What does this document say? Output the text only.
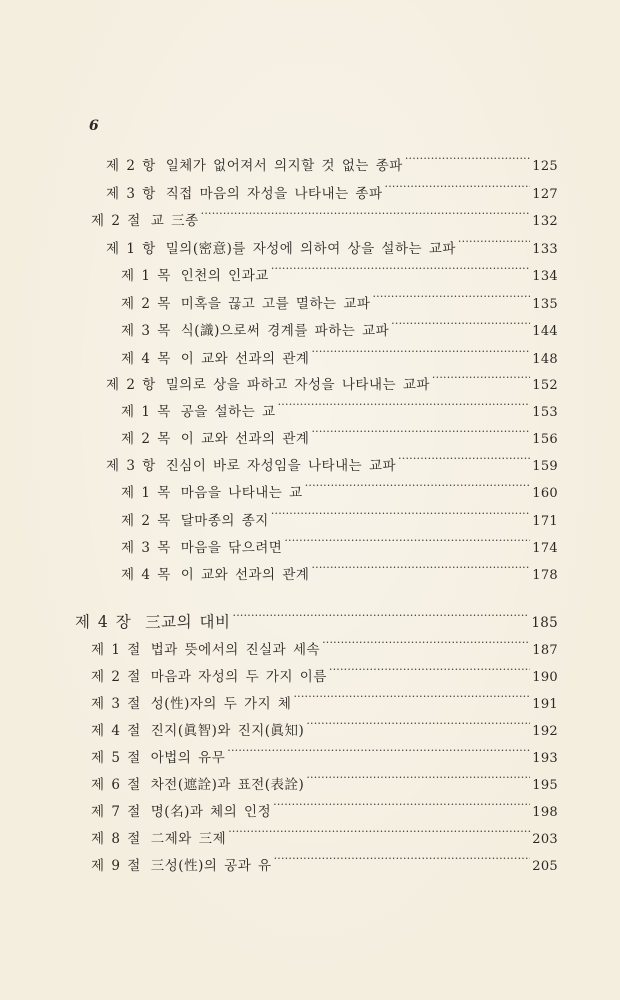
6
제 2 항 일체가 없어져서 의지할 것 없는 종파 ·····	125
제 3 항 직접 마음의 자성을 나타내는 종파 ·····	127
제 2 절 교 三종 ·····	132
제 1 항 밀의(密意)를 자성에 의하여 상을 설하는 교파 ·····	133
제 1 목 인천의 인과교 ·····	134
제 2 목 미혹을 끊고 고를 멸하는 교파 ·····	135
제 3 목 식(識)으로써 경계를 파하는 교파 ·····	144
제 4 목 이 교와 선과의 관계 ·····	148
제 2 항 밀의로 상을 파하고 자성을 나타내는 교파 ·····	152
제 1 목 공을 설하는 교 ·····	153
제 2 목 이 교와 선과의 관계 ·····	156
제 3 항 진심이 바로 자성임을 나타내는 교파 ·····	159
제 1 목 마음을 나타내는 교 ·····	160
제 2 목 달마종의 종지 ·····	171
제 3 목 마음을 닦으려면 ·····	174
제 4 목 이 교와 선과의 관계 ·····	178
제 4 장 三교의 대비 ·····	185
제 1 절 법과 뜻에서의 진실과 세속 ·····	187
제 2 절 마음과 자성의 두 가지 이름 ·····	190
제 3 절 성(性)자의 두 가지 체 ·····	191
제 4 절 진지(眞智)와 진지(眞知) ·····	192
제 5 절 아법의 유무 ·····	193
제 6 절 차전(遮詮)과 표전(表詮) ·····	195
제 7 절 명(名)과 체의 인정 ·····	198
제 8 절 二제와 三제 ·····	203
제 9 절 三성(性)의 공과 유 ·····	205
